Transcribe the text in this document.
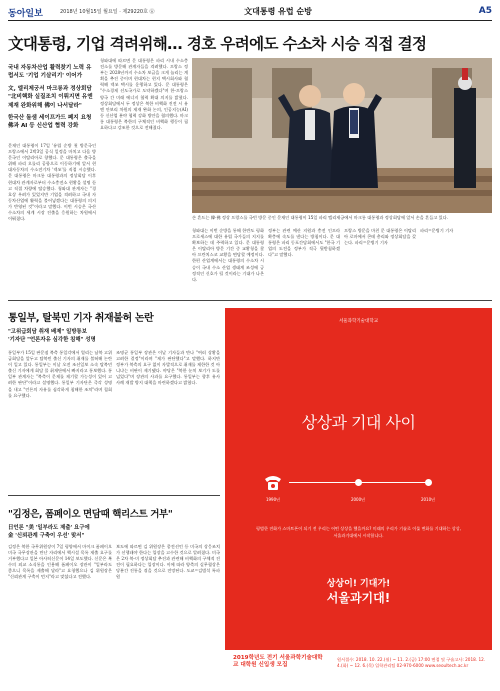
동아일보	2018년 10월15일 월요일 · 제29220호 ㉭	文대통령 유럽 순방	A5
文대통령, 기업 격려위해… 경호 우려에도 수소차 시승 직접 결정
국내 자동차산업 활력찾기 노력 유럽서도 '기업 기살리기' 이어가
文, 엘리제궁서 마크롱과 정상회담 "北비핵화 실질조치 이뤄지면 유엔제재 완화위해 佛이 나서달라"
한국산 돌샘 세이프가드 폐지 요청 佛과 AI 등 신산업 협력 강화
문재인 대통령이 17일 '유럽 순방 첫 방문국인 프랑스에서 2박3일 공식 일정을 마치고 다음 방문국인 이탈리아로 향했다. 문 대통령은 출국을 위해 파리 오를리 공항으로 이동하기에 앞서 현대자동차의 수소전기차 '넥쏘'를 직접 시승했다. 문 대통령은 마크롱 대통령과의 정상회담 이후 현대차 관계자로부터 수소충전소 현황을 설명 듣고 직접 차량에 탑승했다. 청와대 관계자는 "경호상 우려가 있었지만 기업을 격려하고 국내 자동차산업에 활력을 불어넣겠다는 대통령의 의지가 반영된 것"이라고 말했다. 이번 시승은 국산 수소차의 세계 시장 진출을 응원하는 차원에서 이뤄졌다.
청와대에 따르면 문 대통령은 파리 시내 수소충전소를 방문해 관계자들을 격려했다. 프랑스 정부는 2028년까지 수소차 보급을 크게 늘리는 계획을 추진 중이며 현대차는 현지 택시회사와 협력해 넥쏘 택시를 운행하고 있다. 문 대통령은 "수소경제 선도국가로 도약하겠다"며 한-프랑스 양국 간 미래 에너지 협력 확대 의지를 밝혔다. 정상회담에서 두 정상은 북한 비핵화 진전 시 유엔 안보리 차원의 제재 완화 논의, 인공지능(AI) 등 신산업 분야 협력 강화 방안을 협의했다. 마크롱 대통령은 북한의 구체적인 비핵화 행동이 필요하다고 강조한 것으로 전해졌다.
손 흔드는 韓·佛 정상 프랑스를 국빈 방문 중인 문재인 대통령이 15일 파리 엘리제궁에서 마크롱 대통령과 정상회담에 앞서 손을 흔들고 있다.
청와대는 이번 순방을 통해 한반도 평화 프로세스에 대한 유럽 국가들의 지지를 확보하는 데 주력하고 있다. 문 대통령은 이탈리아 방문 기간 중 교황청을 찾아 프란치스코 교황을 면담할 예정이다. 한편 산업계에서는 대통령의 수소차 시승이 국내 수소 산업 생태계 조성에 긍정적인 신호가 될 것이라는 기대가 나온다.
정부는 관련 예산 지원과 충전 인프라 확충에 속도를 낸다는 방침이다. 문 대통령은 파리 동포간담회에서도 "한국 기업의 도전을 정부가 적극 뒷받침하겠다"고 말했다.
프랑스 방문을 마친 문 대통령은 이탈리아 로마에서 콘테 총리와 정상회담을 갖는다. 파리=문병기 기자
파리=문병기 기자
통일부, 탈북민 기자 취재불허 논란
"고위급회담 취재 배제" 일방통보
'기자단 "언론자유 심각한 침해" 성명
통일부가 15일 판문점 북측 통일각에서 열리는 남북 고위급회담을 앞두고 탈북민 출신 기자의 취재를 불허해 논란이 일고 있다. 통일부는 이날 오전 조선일보 소속 탈북민 출신 기자에게 회담 풀 취재단에서 빠지라고 통보했다. 통일부 관계자는 "북측이 문제를 제기할 가능성이 있어 고려한 판단"이라고 설명했다. 통일부 기자단은 즉각 성명을 내고 "언론의 자유를 심각하게 침해한 조치"라며 철회를 요구했다.
조명균 통일부 장관은 이날 기자들과 만나 "여러 상황을 고려한 결정"이라며 "제가 판단했다"고 말했다. 하지만 정부가 북측의 요구 없이 자발적으로 취재를 제한한 것 아니냐는 비판이 제기됐다. 야당은 "북한 눈치 보기가 도를 넘었다"며 장관의 사과를 요구했다. 통일부는 향후 유사 사례 재발 방지 대책을 마련하겠다고 밝혔다.
"김정은, 폼페이오 면담때 핵리스트 거부"
日언론 "美 '일부라도 제출' 요구에
金 '신뢰관계 구축이 우선' 맞서"
김정은 북한 국무위원장이 7일 평양에서 마이크 폼페이오 미국 국무장관을 만난 자리에서 핵시설 목록 제출 요구를 거부했다고 일본 아사히신문이 14일 보도했다. 신문은 복수의 외교 소식통을 인용해 폼페이오 장관이 "일부라도 좋으니 목록을 제출해 달라"고 요청했으나 김 위원장은 "신뢰관계 구축이 먼저"라고 맞섰다고 전했다.
보도에 따르면 김 위원장은 종전선언 등 미국의 상응조치가 선행돼야 한다는 입장을 고수한 것으로 알려졌다. 미국은 2차 북-미 정상회담 추진과 관련해 비핵화의 구체적 진전이 필요하다는 입장이다. 이에 따라 양측의 실무협상은 당분간 진통을 겪을 것으로 전망된다. 도쿄=김범석 특파원
서울과학기술대학교
상상과 기대 사이
1990년	2000년	2010년
평범한 전화가 스마트폰이 되기 전 우리는 어떤 상상을 했을까요? 미래의 우리가 기술로 이룰 변화를 기대하는 상상, 서울과기대에서 시작합니다.
상상이! 기대가!
서울과기대!
2019학년도 전기 서울과학기술대학교 대학원 신입생 모집
원서접수: 2018. 10. 22.(월) ~ 11. 2.(금) 17:00 면접 및 구술고사: 2018. 12. 4.(화) ~ 12. 6.(목) 입학관리팀 02-970-6000 www.seoultech.ac.kr
